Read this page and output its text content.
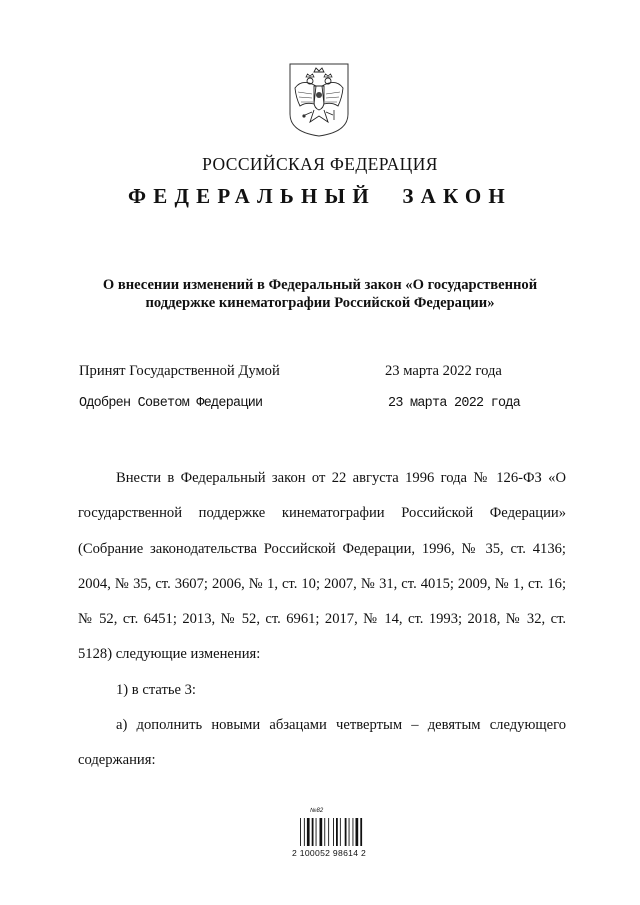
РОССИЙСКАЯ ФЕДЕРАЦИЯ
ФЕДЕРАЛЬНЫЙ ЗАКОН
О внесении изменений в Федеральный закон «О государственной
поддержке кинематографии Российской Федерации»
Принят Государственной Думой	23 марта 2022 года
Одобрен Советом Федерации	23 марта 2022 года

Внести в Федеральный закон от 22 августа 1996 года № 126-ФЗ «О государственной поддержке кинематографии Российской Федерации» (Собрание законодательства Российской Федерации, 1996, № 35, ст. 4136; 2004, № 35, ст. 3607; 2006, № 1, ст. 10; 2007, № 31, ст. 4015; 2009, № 1, ст. 16; № 52, ст. 6451; 2013, № 52, ст. 6961; 2017, № 14, ст. 1993; 2018, № 32, ст. 5128) следующие изменения:

1) в статье 3:

а) дополнить новыми абзацами четвертым – девятым следующего содержания:

№82
2 100052 98614 2
